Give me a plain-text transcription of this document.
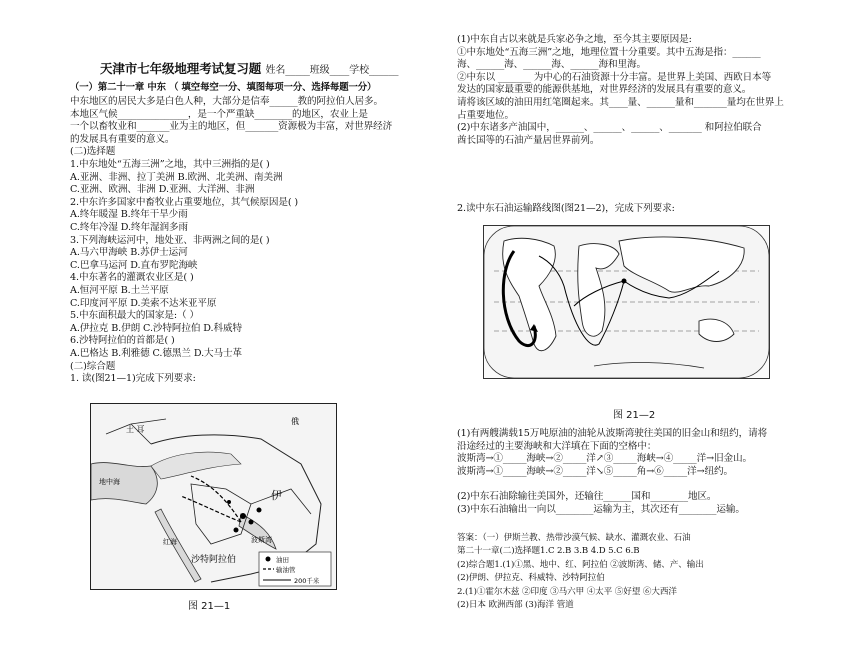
天津市七年级地理考试复习题 姓名_____班级____学校______
（一）第二十一章 中东 （ 填空每空一分、填图每项一分、选择每题一分）
中东地区的居民大多是白色人种，大部分是信奉______教的阿拉伯人居多。
本地区气候_______________，是一个严重缺________的地区，农业上是
一个以畜牧业和_______业为主的地区，但_______资源极为丰富，对世界经济
的发展具有重要的意义。
(二)选择题
1.中东地处“五海三洲”之地，其中三洲指的是( )
A.亚洲、非洲、拉丁美洲 B.欧洲、北美洲、南美洲
C.亚洲、欧洲、非洲 D.亚洲、大洋洲、非洲
2.中东许多国家中畜牧业占重要地位，其气候原因是( )
A.终年暖湿 B.终年干旱少雨
C.终年冷湿 D.终年湿润多雨
3.下列海峡运河中，地处亚、非两洲之间的是( )
A.马六甲海峡 B.苏伊士运河
C.巴拿马运河 D.直布罗陀海峡
4.中东著名的灌溉农业区是( )
A.恒河平原 B.土兰平原
C.印度河平原 D.美索不达米亚平原
5.中东面积最大的国家是:（ ）
A.伊拉克 B.伊朗 C.沙特阿拉伯 D.科威特
6.沙特阿拉伯的首都是( )
A.巴格达 B.利雅德 C.德黑兰 D.大马士革
(二)综合题
1. 读(图21—1)完成下列要求:
土 耳
俄
伊
沙特阿拉伯
地中海
波斯湾
红海
油田
输油管
200千米
图 21—1
(1)中东自古以来就是兵家必争之地，至今其主要原因是:
①中东地处“五海三洲”之地，地理位置十分重要。其中五海是指：______
海、______海、______海、______海和里海。
②中东以 _______ 为中心的石油资源十分丰富。是世界上美国、西欧日本等
发达的国家最重要的能源供基地，对世界经济的发展具有重要的意义。
请将该区域的油田用红笔圈起来。其____量、______量和_______量均在世界上
占重要地位。
(2)中东诸多产油国中，______、______、______、_______ 和阿拉伯联合
酋长国等的石油产量居世界前列。
2.读中东石油运输路线图(图21—2)，完成下列要求:
图 21—2
(1)有两艘满载15万吨原油的油轮从波斯湾驶往美国的旧金山和纽约，请将
沿途经过的主要海峡和大洋填在下面的空格中：
波斯湾→①_____海峡→②_____洋↗③_____海峡→④_____洋→旧金山。
波斯湾→①_____海峡→②_____洋↘⑤_____角→⑥_____洋→纽约。
(2)中东石油除输往美国外，还输往______国和________地区。
(3)中东石油输出一向以________运输为主，其次还有________运输。
答案：（一）伊斯兰教、热带沙漠气候、缺水、灌溉农业、石油
第二十一章(二)选择题1.C 2.B 3.B 4.D 5.C 6.B
(2)综合题1.(1)①黑、地中、红、阿拉伯 ②波斯湾、储、产、输出
(2)伊朗、伊拉克、科威特、沙特阿拉伯
2.(1)①霍尔木兹 ②印度 ③马六甲 ④太平 ⑤好望 ⑥大西洋
(2)日本 欧洲西部 (3)海洋 管道
